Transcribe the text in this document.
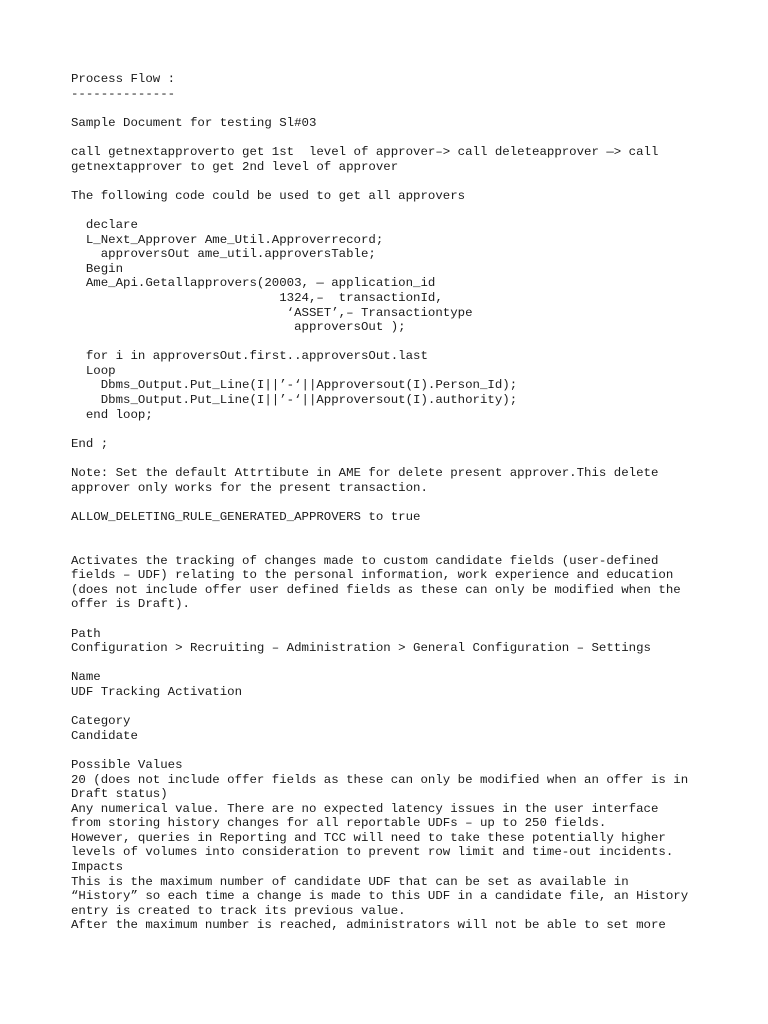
Process Flow :
--------------
Sample Document for testing Sl#03
call getnextapproverto get 1st  level of approver–> call deleteapprover —> call
getnextapprover to get 2nd level of approver
The following code could be used to get all approvers
declare
L_Next_Approver Ame_Util.Approverrecord;
approversOut ame_util.approversTable;
Begin
Ame_Api.Getallapprovers(20003, — application_id
1324,–  transactionId,
‘ASSET’,– Transactiontype
approversOut );
for i in approversOut.first..approversOut.last
Loop
Dbms_Output.Put_Line(I||’-‘||Approversout(I).Person_Id);
Dbms_Output.Put_Line(I||’-‘||Approversout(I).authority);
end loop;
End ;
Note: Set the default Attrtibute in AME for delete present approver.This delete
approver only works for the present transaction.
ALLOW_DELETING_RULE_GENERATED_APPROVERS to true
Activates the tracking of changes made to custom candidate fields (user-defined
fields – UDF) relating to the personal information, work experience and education
(does not include offer user defined fields as these can only be modified when the
offer is Draft).
Path
Configuration > Recruiting – Administration > General Configuration – Settings
Name
UDF Tracking Activation
Category
Candidate
Possible Values
20 (does not include offer fields as these can only be modified when an offer is in
Draft status)
Any numerical value. There are no expected latency issues in the user interface
from storing history changes for all reportable UDFs – up to 250 fields.
However, queries in Reporting and TCC will need to take these potentially higher
levels of volumes into consideration to prevent row limit and time-out incidents.
Impacts
This is the maximum number of candidate UDF that can be set as available in
“History” so each time a change is made to this UDF in a candidate file, an History
entry is created to track its previous value.
After the maximum number is reached, administrators will not be able to set more
